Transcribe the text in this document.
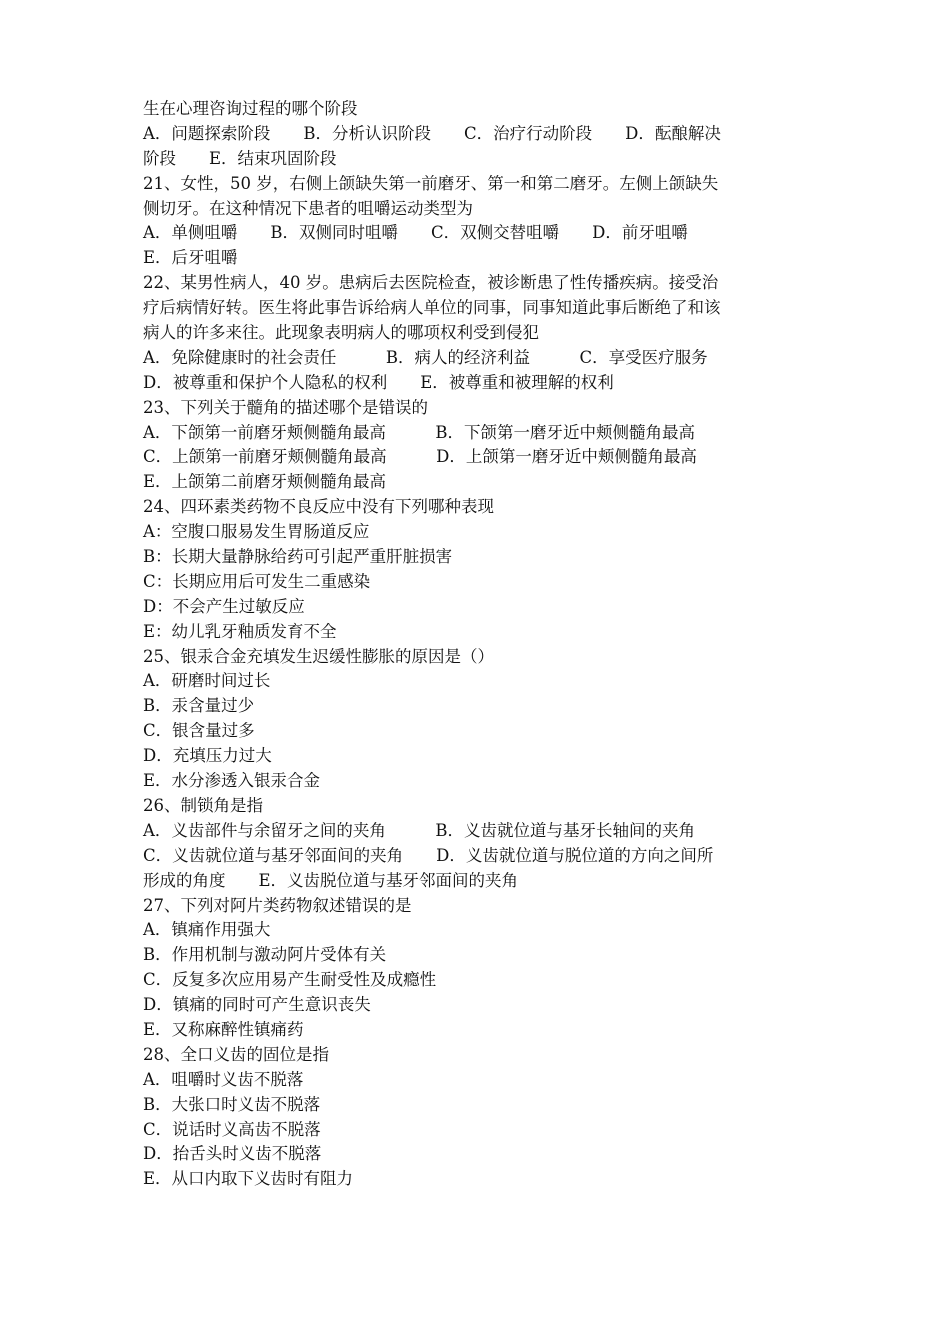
生在心理咨询过程的哪个阶段
A．问题探索阶段　　B．分析认识阶段　　C．治疗行动阶段　　D．酝酿解决
阶段　　E．结束巩固阶段
21、女性，50 岁，右侧上颌缺失第一前磨牙、第一和第二磨牙。左侧上颌缺失
侧切牙。在这种情况下患者的咀嚼运动类型为
A．单侧咀嚼　　B．双侧同时咀嚼　　C．双侧交替咀嚼　　D．前牙咀嚼
E．后牙咀嚼
22、某男性病人，40 岁。患病后去医院检查，被诊断患了性传播疾病。接受治
疗后病情好转。医生将此事告诉给病人单位的同事，同事知道此事后断绝了和该
病人的许多来往。此现象表明病人的哪项权利受到侵犯
A．免除健康时的社会责任　　　B．病人的经济利益　　　C．享受医疗服务
D．被尊重和保护个人隐私的权利　　E．被尊重和被理解的权利
23、下列关于髓角的描述哪个是错误的
A．下颌第一前磨牙颊侧髓角最高　　　B．下颌第一磨牙近中颊侧髓角最高
C．上颌第一前磨牙颊侧髓角最高　　　D．上颌第一磨牙近中颊侧髓角最高
E．上颌第二前磨牙颊侧髓角最高
24、四环素类药物不良反应中没有下列哪种表现
A：空腹口服易发生胃肠道反应
B：长期大量静脉给药可引起严重肝脏损害
C：长期应用后可发生二重感染
D：不会产生过敏反应
E：幼儿乳牙釉质发育不全
25、银汞合金充填发生迟缓性膨胀的原因是（）
A．研磨时间过长
B．汞含量过少
C．银含量过多
D．充填压力过大
E．水分渗透入银汞合金
26、制锁角是指
A．义齿部件与余留牙之间的夹角　　　B．义齿就位道与基牙长轴间的夹角
C．义齿就位道与基牙邻面间的夹角　　D．义齿就位道与脱位道的方向之间所
形成的角度　　E．义齿脱位道与基牙邻面间的夹角
27、下列对阿片类药物叙述错误的是
A．镇痛作用强大
B．作用机制与激动阿片受体有关
C．反复多次应用易产生耐受性及成瘾性
D．镇痛的同时可产生意识丧失
E．又称麻醉性镇痛药
28、全口义齿的固位是指
A．咀嚼时义齿不脱落
B．大张口时义齿不脱落
C．说话时义高齿不脱落
D．抬舌头时义齿不脱落
E．从口内取下义齿时有阻力
